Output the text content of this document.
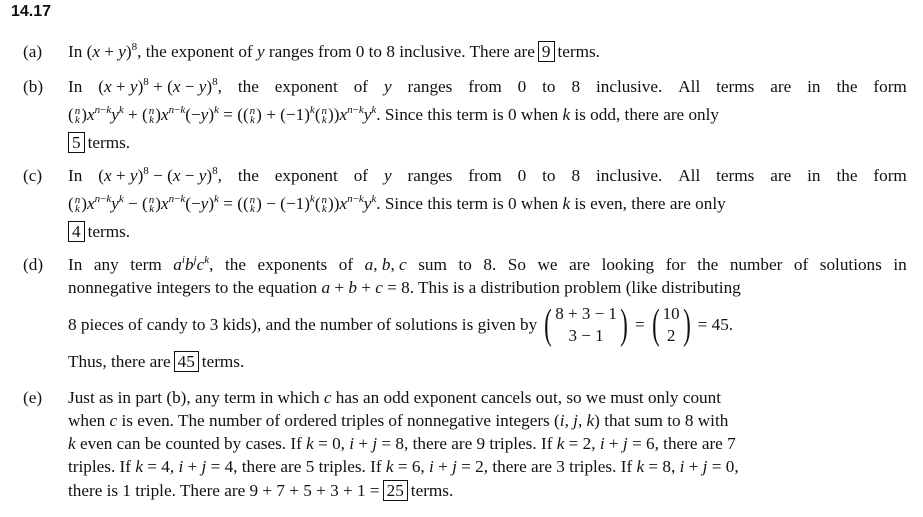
14.17
(a) In $(x + y)^8$, the exponent of y ranges from 0 to 8 inclusive. There are 9 terms.
(b) In $(x + y)^8 + (x - y)^8$, the exponent of y ranges from 0 to 8 inclusive. All terms are in the form
( n
k )$x^{n-k}y^k$ + ( n
k )$x^{n-k}(-y)^k$ = (( n
k ) + $(-1)^k$( n
k ))$x^{n-k}y^k$. Since this term is 0 when k is odd, there are only
5 terms.
(c) In $(x + y)^8 - (x - y)^8$, the exponent of y ranges from 0 to 8 inclusive. All terms are in the form
( n
k )$x^{n-k}y^k$ − ( n
k )$x^{n-k}(-y)^k$ = (( n
k ) − $(-1)^k$( n
k ))$x^{n-k}y^k$. Since this term is 0 when k is even, there are only
4 terms.
(d) In any term $a^ib^jc^k$, the exponents of a, b, c sum to 8. So we are looking for the number of solutions in
nonnegative integers to the equation a + b + c = 8. This is a distribution problem (like distributing
8 pieces of candy to 3 kids), and the number of solutions is given by ( 8 + 3 − 1
3 − 1 ) = ( 10
2 ) = 45.
Thus, there are 45 terms.
(e) Just as in part (b), any term in which c has an odd exponent cancels out, so we must only count
when c is even. The number of ordered triples of nonnegative integers (i, j, k) that sum to 8 with
k even can be counted by cases. If k = 0, i + j = 8, there are 9 triples. If k = 2, i + j = 6, there are 7
triples. If k = 4, i + j = 4, there are 5 triples. If k = 6, i + j = 2, there are 3 triples. If k = 8, i + j = 0,
there is 1 triple. There are 9 + 7 + 5 + 3 + 1 = 25 terms.
